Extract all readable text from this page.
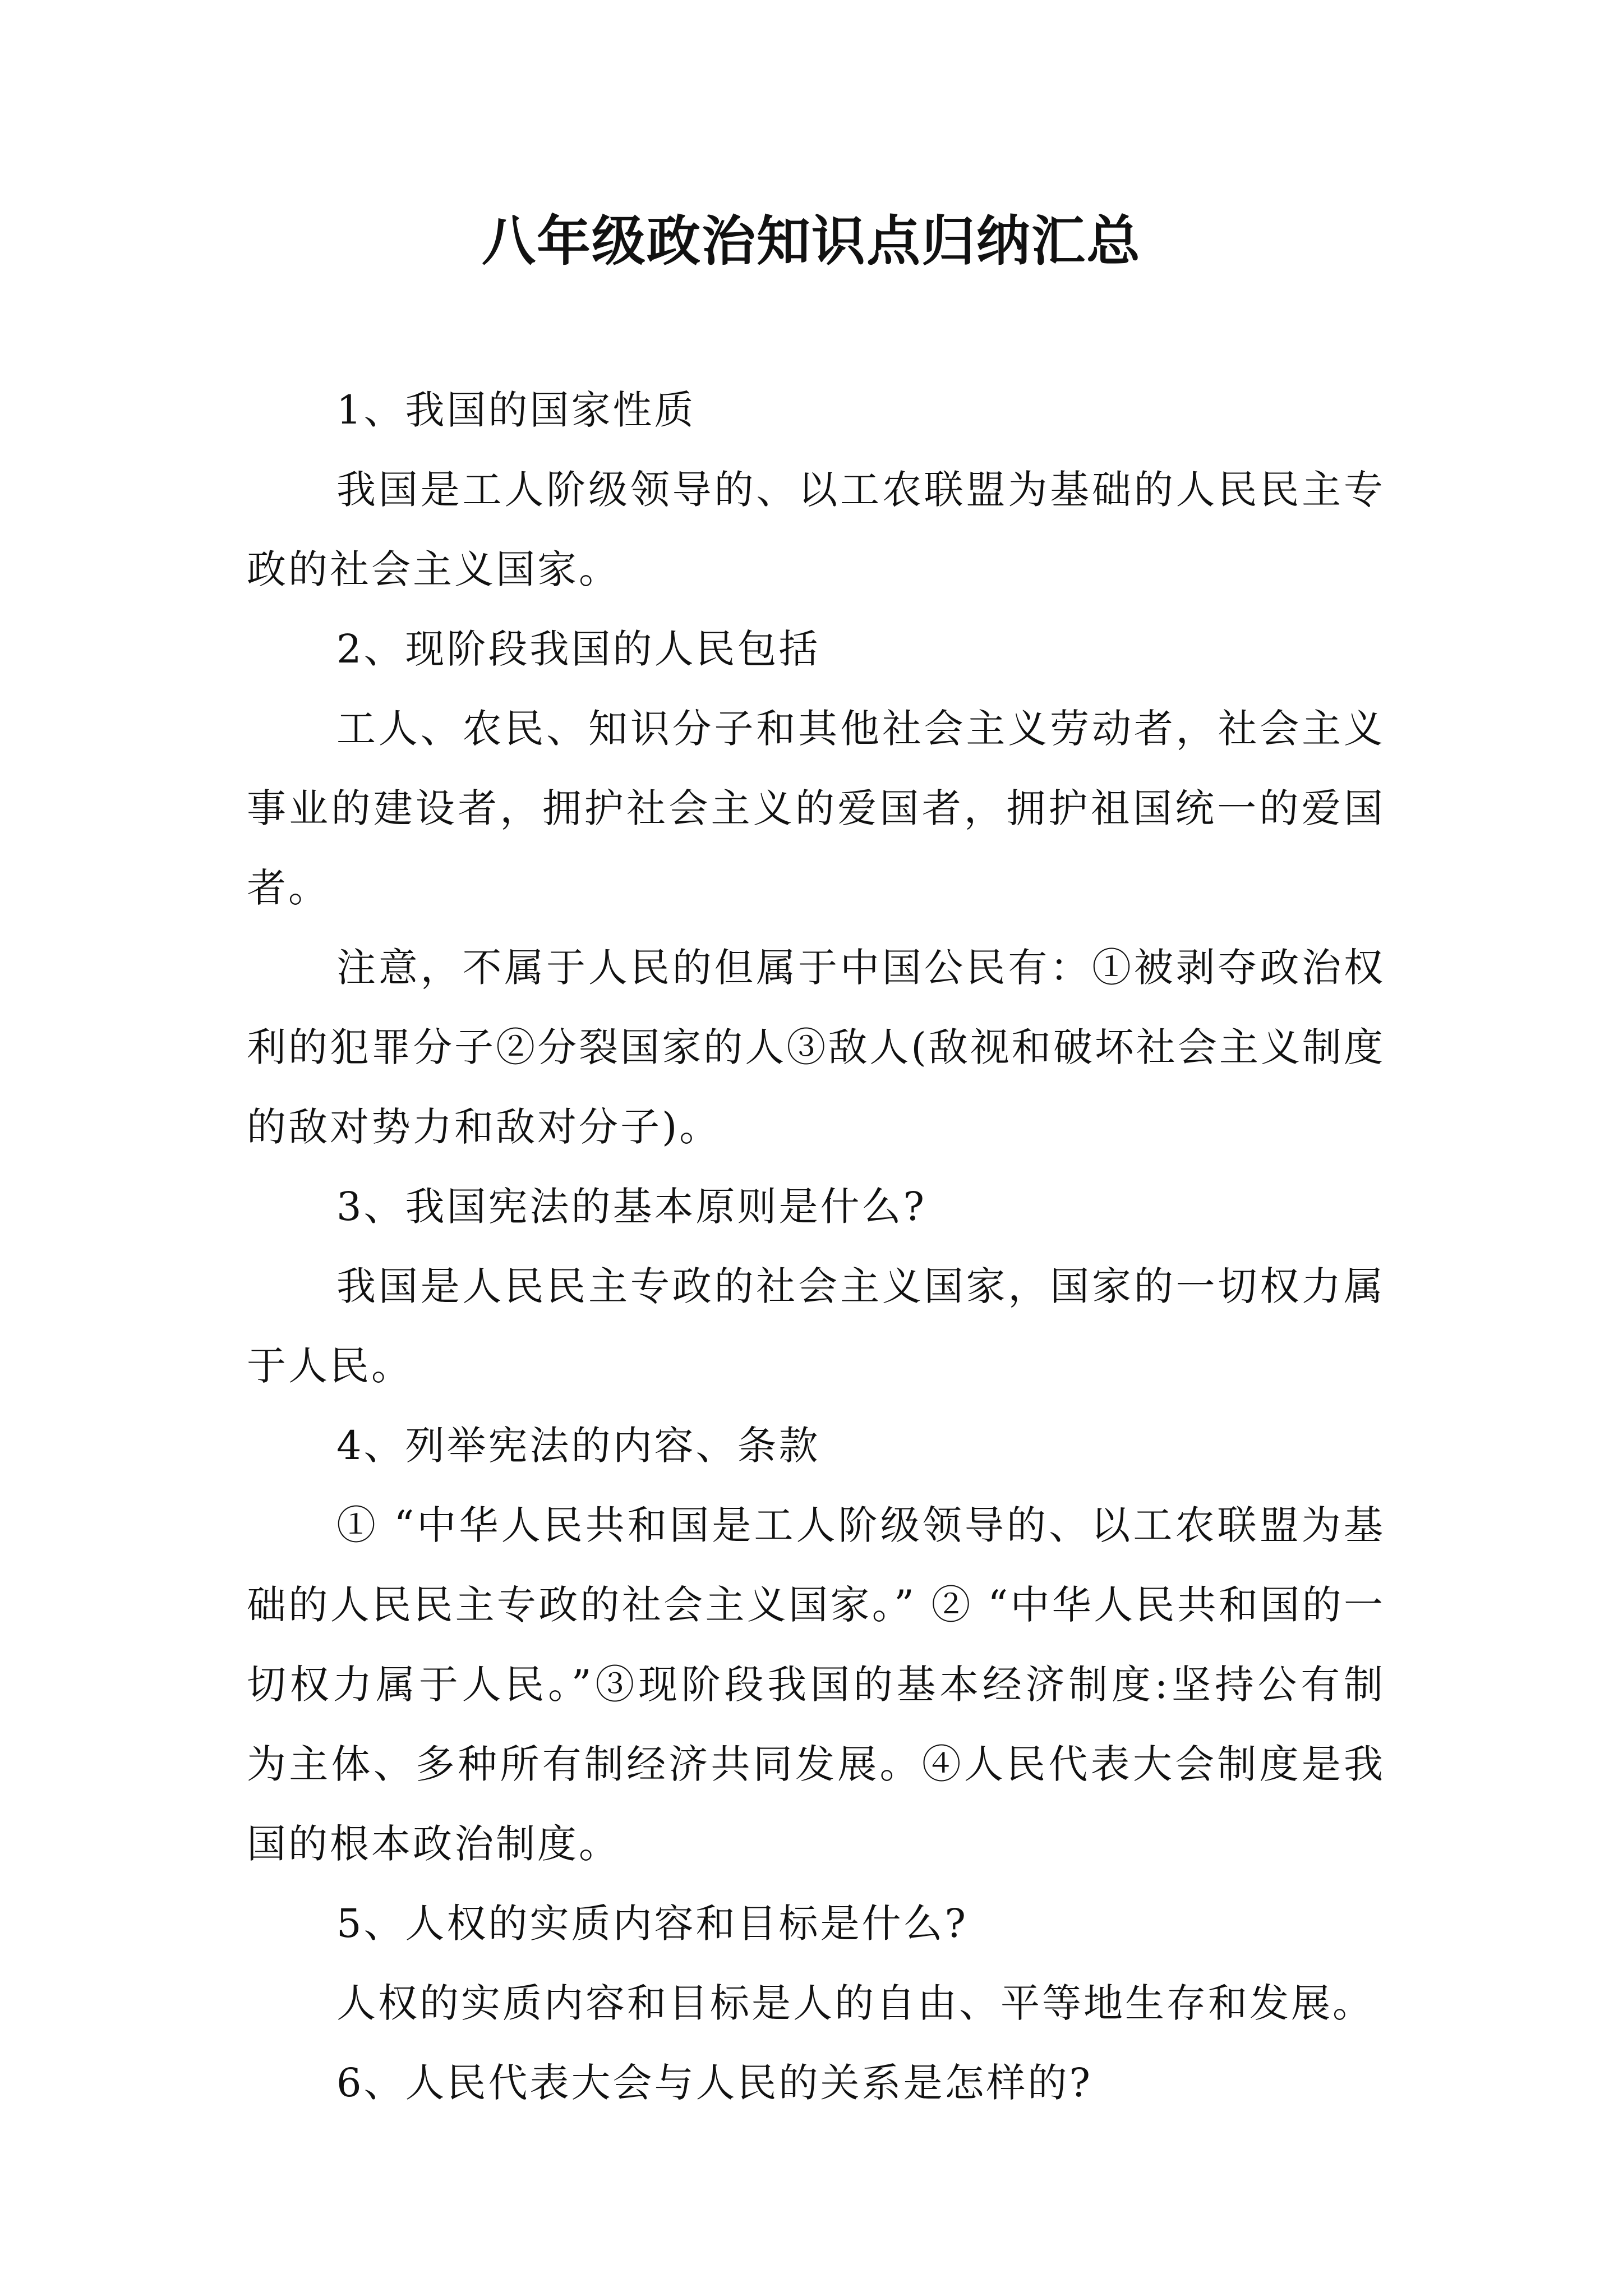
八年级政治知识点归纳汇总

1、我国的国家性质

我国是工人阶级领导的、以工农联盟为基础的人民民主专政的社会主义国家。

2、现阶段我国的人民包括

工人、农民、知识分子和其他社会主义劳动者，社会主义事业的建设者，拥护社会主义的爱国者，拥护祖国统一的爱国者。

注意，不属于人民的但属于中国公民有：①被剥夺政治权利的犯罪分子②分裂国家的人③敌人(敌视和破坏社会主义制度的敌对势力和敌对分子)。

3、我国宪法的基本原则是什么?

我国是人民民主专政的社会主义国家，国家的一切权力属于人民。

4、列举宪法的内容、条款

① “中华人民共和国是工人阶级领导的、以工农联盟为基础的人民民主专政的社会主义国家。” ② “中华人民共和国的一切权力属于人民。”③现阶段我国的基本经济制度:坚持公有制为主体、多种所有制经济共同发展。④人民代表大会制度是我国的根本政治制度。

5、人权的实质内容和目标是什么?

人权的实质内容和目标是人的自由、平等地生存和发展。

6、人民代表大会与人民的关系是怎样的?
